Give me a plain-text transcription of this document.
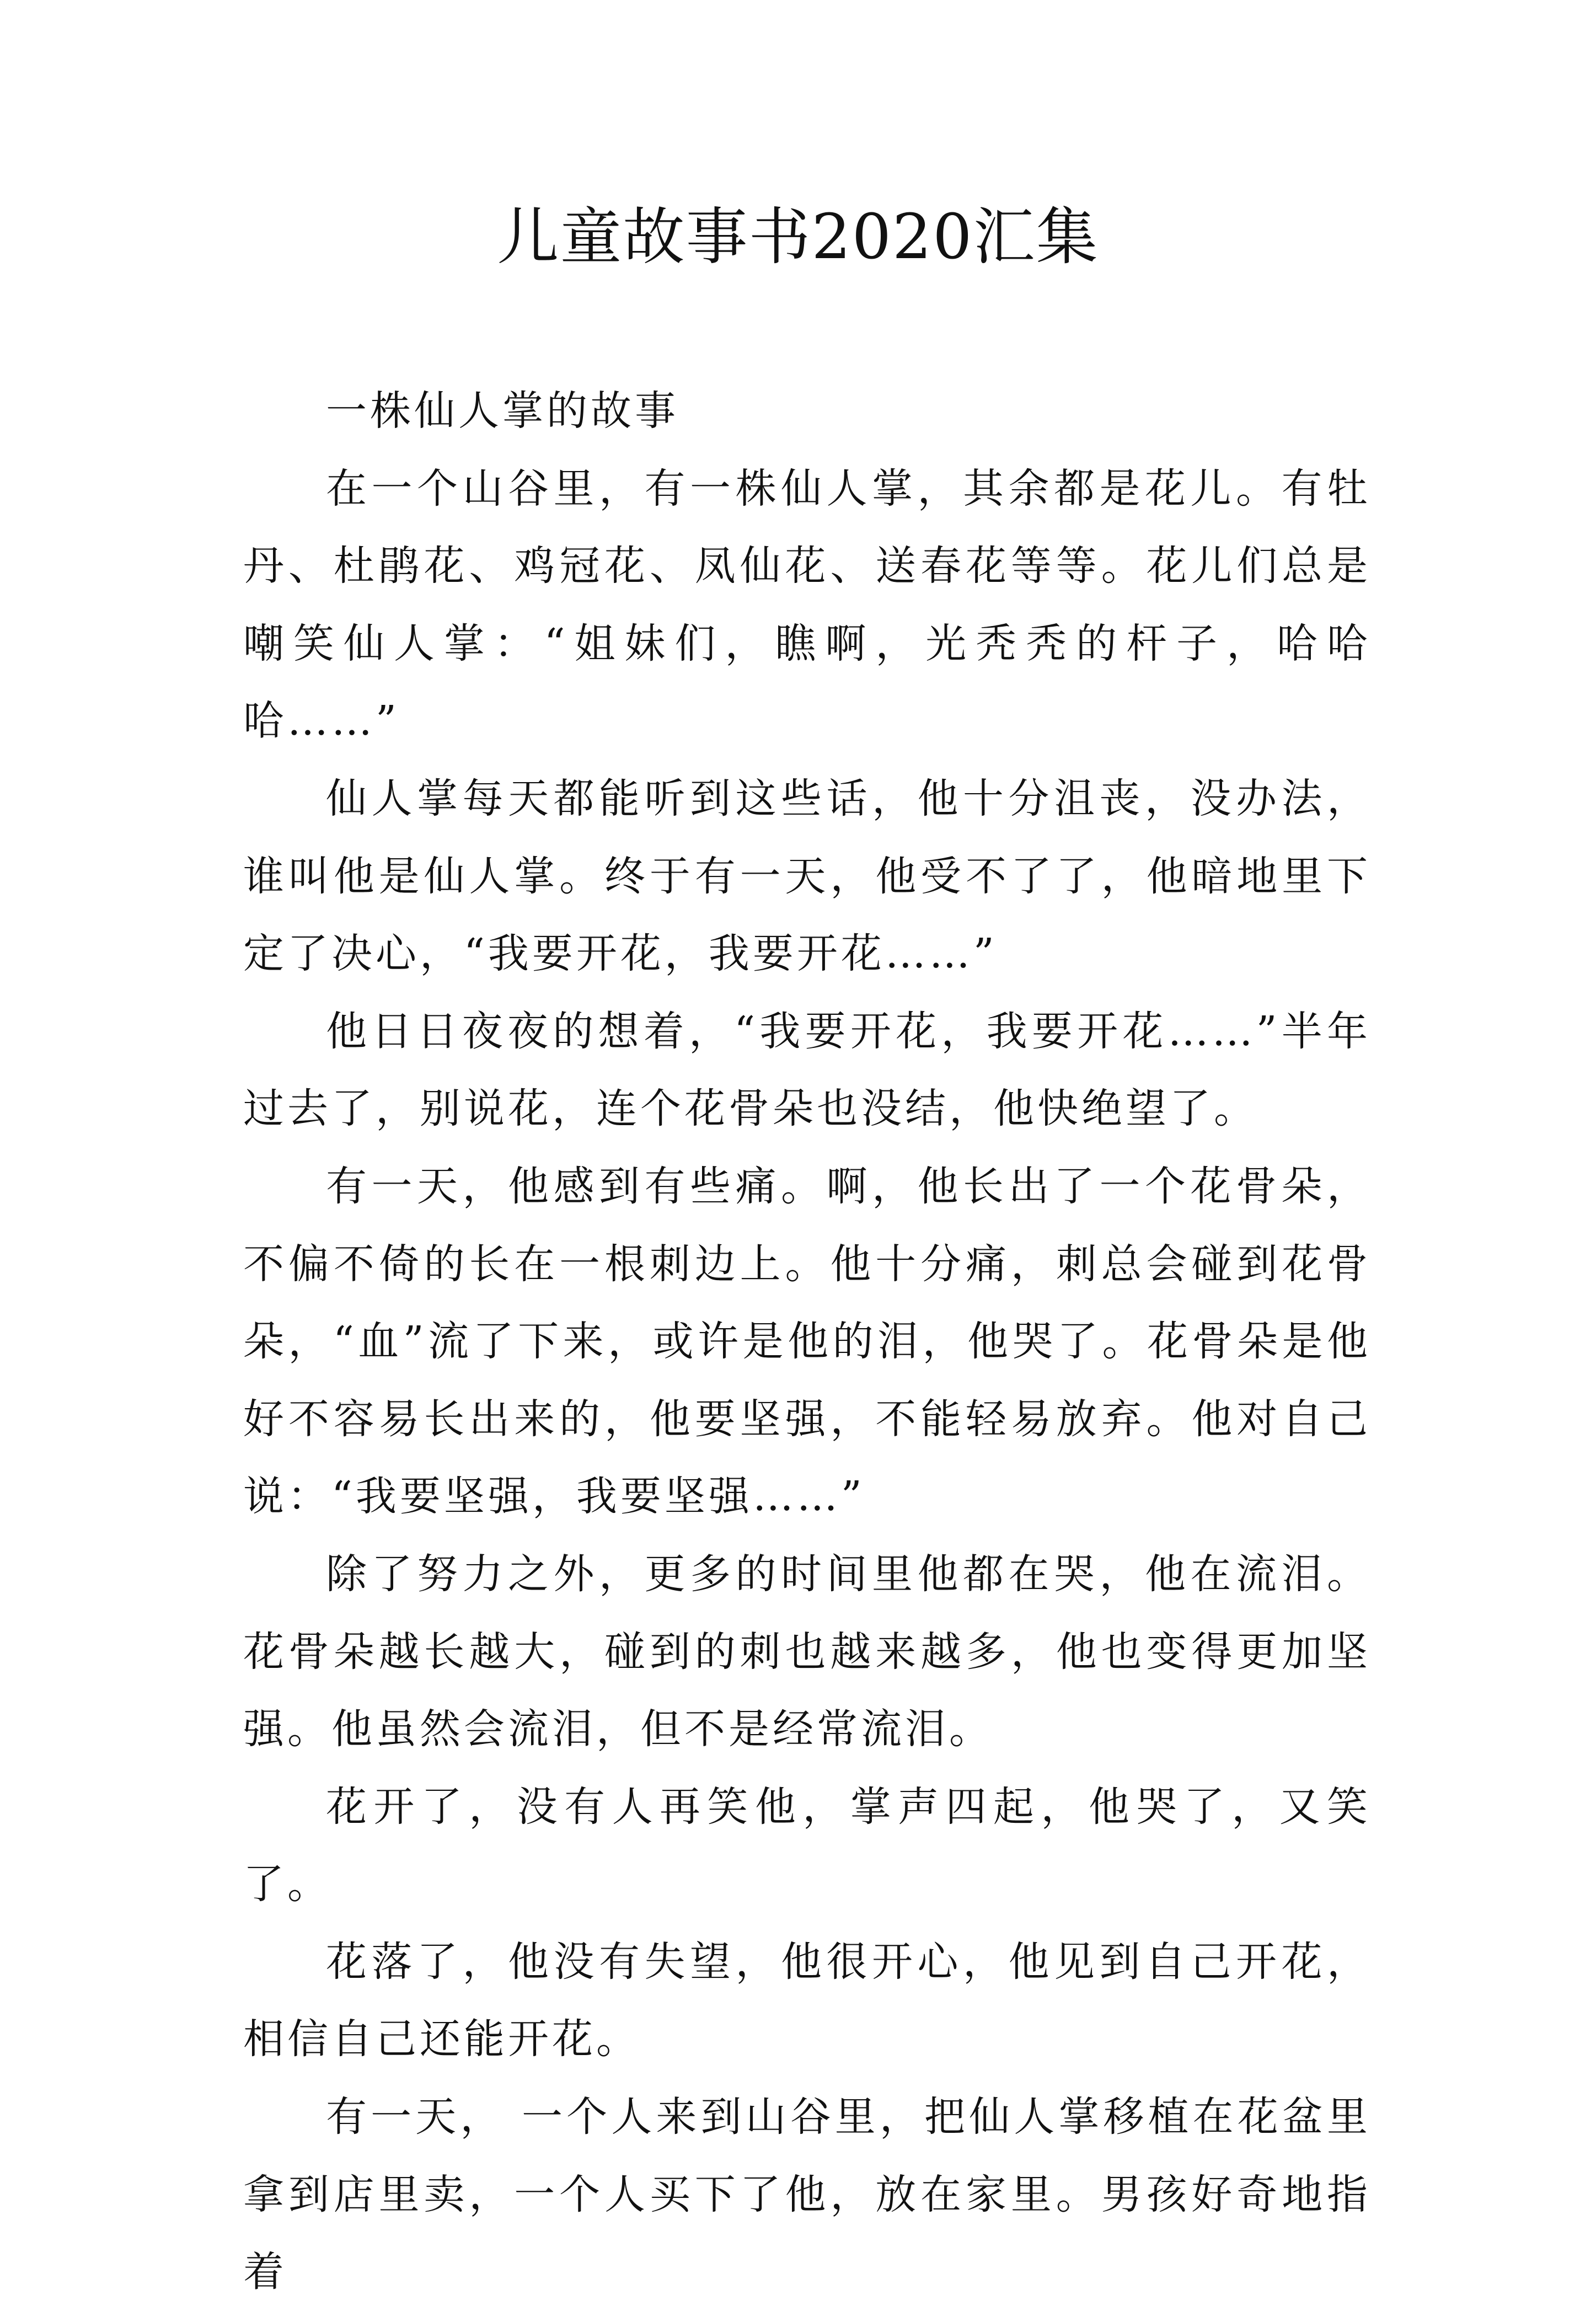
儿童故事书2020汇集

一株仙人掌的故事

在一个山谷里，有一株仙人掌，其余都是花儿。有牡丹、杜鹃花、鸡冠花、凤仙花、送春花等等。花儿们总是嘲笑仙人掌：“姐妹们，瞧啊，光秃秃的杆子，哈哈哈……”

仙人掌每天都能听到这些话，他十分沮丧，没办法，谁叫他是仙人掌。终于有一天，他受不了了，他暗地里下定了决心，“我要开花，我要开花……”

他日日夜夜的想着，“我要开花，我要开花……”半年过去了，别说花，连个花骨朵也没结，他快绝望了。

有一天，他感到有些痛。啊，他长出了一个花骨朵，不偏不倚的长在一根刺边上。他十分痛，刺总会碰到花骨朵，“血”流了下来，或许是他的泪，他哭了。花骨朵是他好不容易长出来的，他要坚强，不能轻易放弃。他对自己说：“我要坚强，我要坚强……”

除了努力之外，更多的时间里他都在哭，他在流泪。花骨朵越长越大，碰到的刺也越来越多，他也变得更加坚强。他虽然会流泪，但不是经常流泪。

花开了，没有人再笑他，掌声四起，他哭了，又笑了。

花落了，他没有失望，他很开心，他见到自己开花，相信自己还能开花。

有一天， 一个人来到山谷里，把仙人掌移植在花盆里拿到店里卖，一个人买下了他，放在家里。男孩好奇地指着
